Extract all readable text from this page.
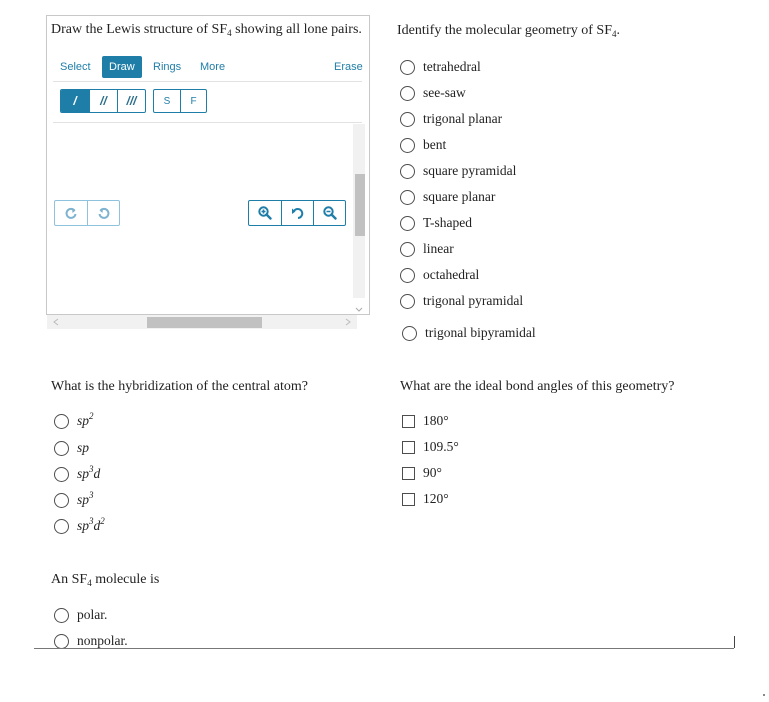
Draw the Lewis structure of $SF_4$ showing all lone pairs.
Select	Draw	Rings More	Erase
/	//	///	S	F
Identify the molecular geometry of $SF_4$.
tetrahedral
see-saw
trigonal planar
bent
square pyramidal
square planar
T-shaped
linear
octahedral
trigonal pyramidal
trigonal bipyramidal
What is the hybridization of the central atom?
$sp^2$
sp
$sp^3d$
$sp^3$
$sp^3d^2$
What are the ideal bond angles of this geometry?
180°
109.5°
90°
120°
An $SF_4$ molecule is
polar.
nonpolar.
